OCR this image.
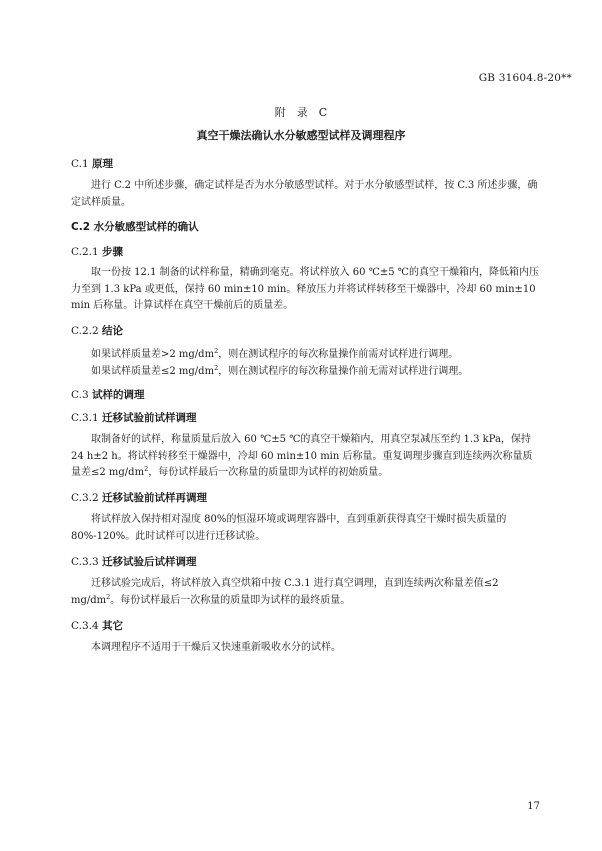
GB 31604.8-20**
附　录　C
真空干燥法确认水分敏感型试样及调理程序
C.1 原理
进行 C.2 中所述步骤，确定试样是否为水分敏感型试样。对于水分敏感型试样，按 C.3 所述步骤，确定试样质量。
C.2 水分敏感型试样的确认
C.2.1 步骤
取一份按 12.1 制备的试样称量，精确到毫克。将试样放入 60 ℃±5 ℃的真空干燥箱内，降低箱内压力至到 1.3 kPa 或更低，保持 60 min±10 min。释放压力并将试样转移至干燥器中，冷却 60 min±10 min 后称量。计算试样在真空干燥前后的质量差。
C.2.2 结论
如果试样质量差>2 $mg/dm^2$，则在测试程序的每次称量操作前需对试样进行调理。
如果试样质量差≤2 $mg/dm^2$，则在测试程序的每次称量操作前无需对试样进行调理。
C.3 试样的调理
C.3.1 迁移试验前试样调理
取制备好的试样，称量质量后放入 60 ℃±5 ℃的真空干燥箱内，用真空泵减压至约 1.3 kPa，保持 24 h±2 h。将试样转移至干燥器中，冷却 60 min±10 min 后称量。重复调理步骤直到连续两次称量质量差≤2 $mg/dm^2$，每份试样最后一次称量的质量即为试样的初始质量。
C.3.2 迁移试验前试样再调理
将试样放入保持相对湿度 80%的恒湿环境或调理容器中，直到重新获得真空干燥时损失质量的 80%-120%。此时试样可以进行迁移试验。
C.3.3 迁移试验后试样调理
迁移试验完成后，将试样放入真空烘箱中按 C.3.1 进行真空调理，直到连续两次称量差值≤2 $mg/dm^2$。每份试样最后一次称量的质量即为试样的最终质量。
C.3.4 其它
本调理程序不适用于干燥后又快速重新吸收水分的试样。
17
